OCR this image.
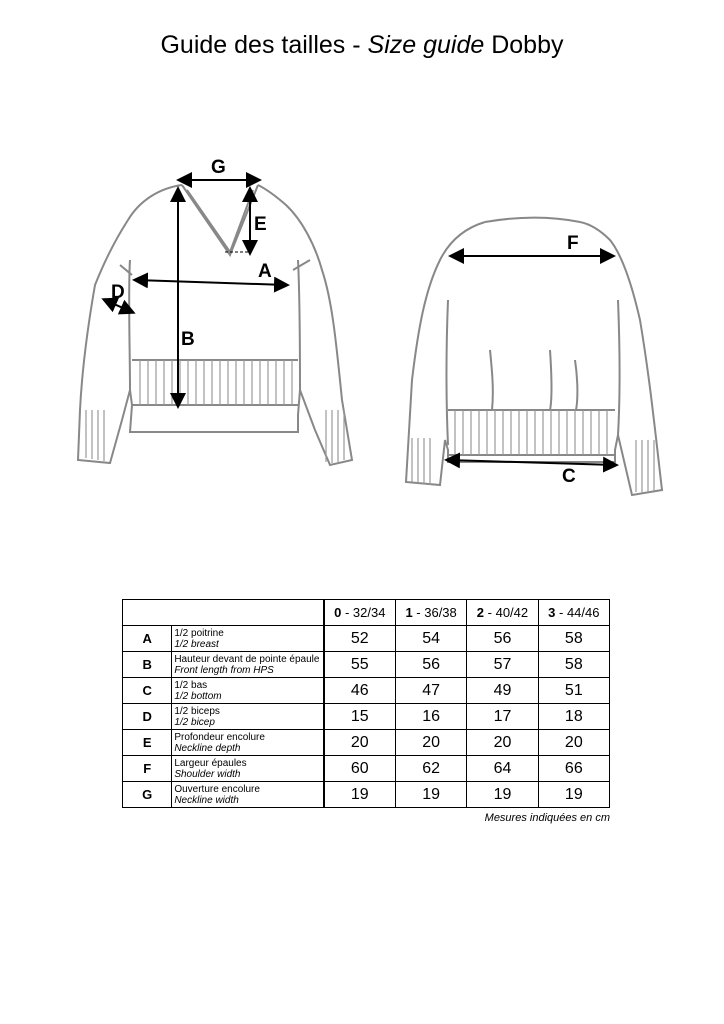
Guide des tailles - Size guide Dobby
G
E
A
D
B
F
C
		0 - 32/34	1 - 36/38	2 - 40/42	3 - 44/46
A	1/2 poitrine
1/2 breast	52	54	56	58
B	Hauteur devant de pointe épaule
Front length from HPS	55	56	57	58
C	1/2 bas
1/2 bottom	46	47	49	51
D	1/2 biceps
1/2 bicep	15	16	17	18
E	Profondeur encolure
Neckline depth	20	20	20	20
F	Largeur épaules
Shoulder width	60	62	64	66
G	Ouverture encolure
Neckline width	19	19	19	19
Mesures indiquées en cm
